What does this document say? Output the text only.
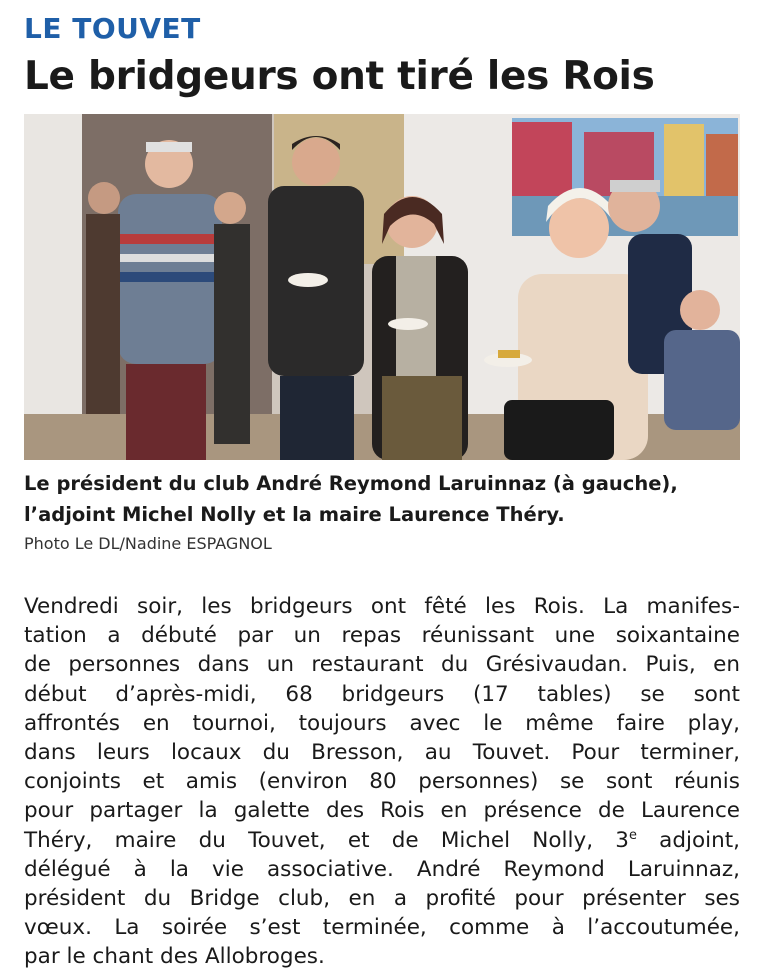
LE TOUVET
Le bridgeurs ont tiré les Rois

Le président du club André Reymond Laruinnaz (à gauche),
l’adjoint Michel Nolly et la maire Laurence Théry.

Photo Le DL/Nadine ESPAGNOL

Vendredi soir, les bridgeurs ont fêté les Rois. La manifes-
tation a débuté par un repas réunissant une soixantaine
de personnes dans un restaurant du Grésivaudan. Puis, en
début d’après-midi, 68 bridgeurs (17 tables) se sont
affrontés en tournoi, toujours avec le même faire play,
dans leurs locaux du Bresson, au Touvet. Pour terminer,
conjoints et amis (environ 80 personnes) se sont réunis
pour partager la galette des Rois en présence de Laurence
Théry, maire du Touvet, et de Michel Nolly, 3e adjoint,
délégué à la vie associative. André Reymond Laruinnaz,
président du Bridge club, en a profité pour présenter ses
vœux. La soirée s’est terminée, comme à l’accoutumée,
par le chant des Allobroges.
